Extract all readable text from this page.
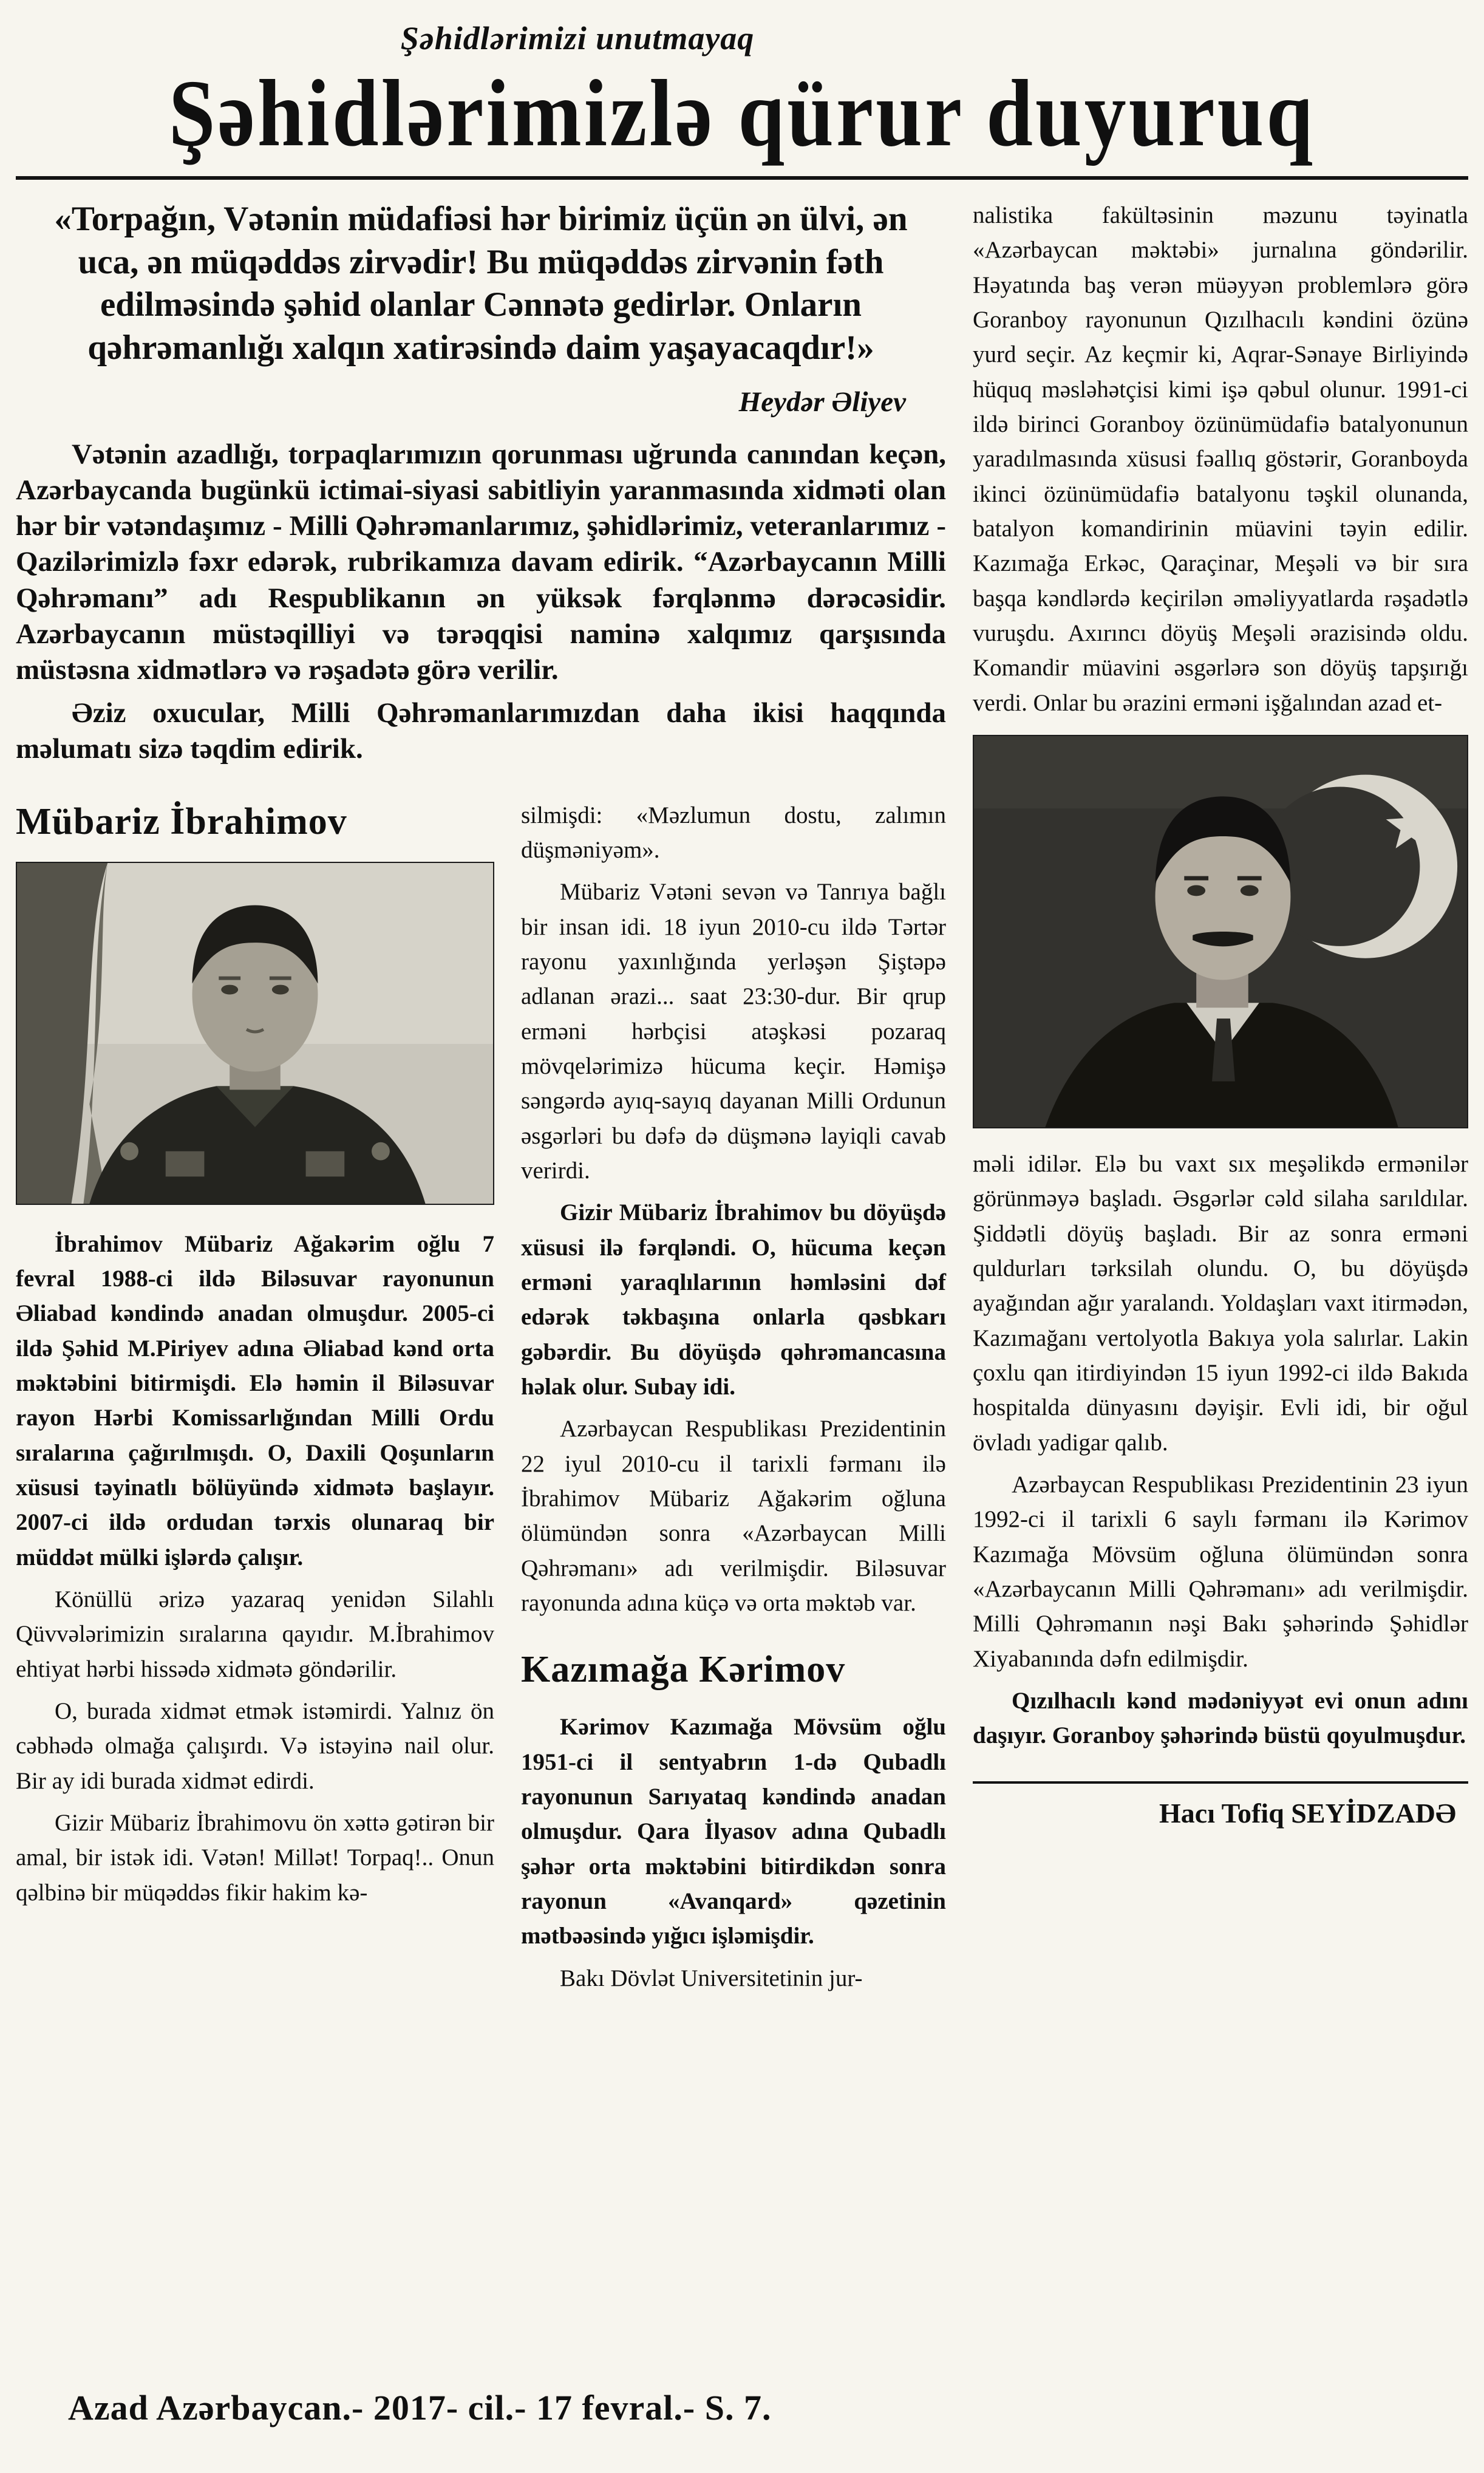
Şəhidlərimizi unutmayaq
Şəhidlərimizlə qürur duyuruq

«Torpağın, Vətənin müdafiəsi hər birimiz üçün ən ülvi, ən uca, ən müqəddəs zirvədir! Bu müqəddəs zirvənin fəth edilməsində şəhid olanlar Cənnətə gedirlər. Onların qəhrəmanlığı xalqın xatirəsində daim yaşayacaqdır!»

Heydər Əliyev

Vətənin azadlığı, torpaqlarımızın qorunması uğrunda canından keçən, Azərbaycanda bugünkü ictimai-siyasi sabitliyin yaranmasında xidməti olan hər bir vətəndaşımız - Milli Qəhrəmanlarımız, şəhidlərimiz, veteranlarımız - Qazilərimizlə fəxr edərək, rubrikamıza davam edirik. “Azərbaycanın Milli Qəhrəmanı” adı Respublikanın ən yüksək fərqlənmə dərəcəsidir. Azərbaycanın müstəqilliyi və tərəqqisi naminə xalqımız qarşısında müstəsna xidmətlərə və rəşadətə görə verilir.

Əziz oxucular, Milli Qəhrəmanlarımızdan daha ikisi haqqında məlumatı sizə təqdim edirik.

Mübariz İbrahimov

İbrahimov Mübariz Ağakərim oğlu 7 fevral 1988-ci ildə Biləsuvar rayonunun Əliabad kəndində anadan olmuşdur. 2005-ci ildə Şəhid M.Piriyev adına Əliabad kənd orta məktəbini bitirmişdi. Elə həmin il Biləsuvar rayon Hərbi Komissarlığından Milli Ordu sıralarına çağırılmışdı. O, Daxili Qoşunların xüsusi təyinatlı bölüyündə xidmətə başlayır. 2007-ci ildə ordudan tərxis olunaraq bir müddət mülki işlərdə çalışır.

Könüllü ərizə yazaraq yenidən Silahlı Qüvvələrimizin sıralarına qayıdır. M.İbrahimov ehtiyat hərbi hissədə xidmətə göndərilir.

O, burada xidmət etmək istəmirdi. Yalnız ön cəbhədə olmağa çalışırdı. Və istəyinə nail olur. Bir ay idi burada xidmət edirdi.

Gizir Mübariz İbrahimovu ön xəttə gətirən bir amal, bir istək idi. Vətən! Millət! Torpaq!.. Onun qəlbinə bir müqəddəs fikir hakim kə-

silmişdi: «Məzlumun dostu, zalımın düşməniyəm».

Mübariz Vətəni sevən və Tanrıya bağlı bir insan idi. 18 iyun 2010-cu ildə Tərtər rayonu yaxınlığında yerləşən Şiştəpə adlanan ərazi... saat 23:30-dur. Bir qrup erməni hərbçisi atəşkəsi pozaraq mövqelərimizə hücuma keçir. Həmişə səngərdə ayıq-sayıq dayanan Milli Ordunun əsgərləri bu dəfə də düşmənə layiqli cavab verirdi.

Gizir Mübariz İbrahimov bu döyüşdə xüsusi ilə fərqləndi. O, hücuma keçən erməni yaraqlılarının həmləsini dəf edərək təkbaşına onlarla qəsbkarı gəbərdir. Bu döyüşdə qəhrəmancasına həlak olur. Subay idi.

Azərbaycan Respublikası Prezidentinin 22 iyul 2010-cu il tarixli fərmanı ilə İbrahimov Mübariz Ağakərim oğluna ölümündən sonra «Azərbaycan Milli Qəhrəmanı» adı verilmişdir. Biləsuvar rayonunda adına küçə və orta məktəb var.

Kazımağa Kərimov

Kərimov Kazımağa Mövsüm oğlu 1951-ci il sentyabrın 1-də Qubadlı rayonunun Sarıyataq kəndində anadan olmuşdur. Qara İlyasov adına Qubadlı şəhər orta məktəbini bitirdikdən sonra rayonun «Avanqard» qəzetinin mətbəəsində yığıcı işləmişdir.

Bakı Dövlət Universitetinin jur-

nalistika fakültəsinin məzunu təyinatla «Azərbaycan məktəbi» jurnalına göndərilir. Həyatında baş verən müəyyən problemlərə görə Goranboy rayonunun Qızılhacılı kəndini özünə yurd seçir. Az keçmir ki, Aqrar-Sənaye Birliyində hüquq məsləhətçisi kimi işə qəbul olunur. 1991-ci ildə birinci Goranboy özünümüdafiə batalyonunun yaradılmasında xüsusi fəallıq göstərir, Goranboyda ikinci özünümüdafiə batalyonu təşkil olunanda, batalyon komandirinin müavini təyin edilir. Kazımağa Erkəc, Qaraçinar, Meşəli və bir sıra başqa kəndlərdə keçirilən əməliyyatlarda rəşadətlə vuruşdu. Axırıncı döyüş Meşəli ərazisində oldu. Komandir müavini əsgərlərə son döyüş tapşırığı verdi. Onlar bu ərazini erməni işğalından azad et-

məli idilər. Elə bu vaxt sıx meşəlikdə ermənilər görünməyə başladı. Əsgərlər cəld silaha sarıldılar. Şiddətli döyüş başladı. Bir az sonra erməni quldurları tərksilah olundu. O, bu döyüşdə ayağından ağır yaralandı. Yoldaşları vaxt itirmədən, Kazımağanı vertolyotla Bakıya yola salırlar. Lakin çoxlu qan itirdiyindən 15 iyun 1992-ci ildə Bakıda hospitalda dünyasını dəyişir. Evli idi, bir oğul övladı yadigar qalıb.

Azərbaycan Respublikası Prezidentinin 23 iyun 1992-ci il tarixli 6 saylı fərmanı ilə Kərimov Kazımağa Mövsüm oğluna ölümündən sonra «Azərbaycanın Milli Qəhrəmanı» adı verilmişdir. Milli Qəhrəmanın nəşi Bakı şəhərində Şəhidlər Xiyabanında dəfn edilmişdir.

Qızılhacılı kənd mədəniyyət evi onun adını daşıyır. Goranboy şəhərində büstü qoyulmuşdur.

Hacı Tofiq SEYİDZADƏ
Azad Azərbaycan.- 2017- cil.- 17 fevral.- S. 7.
